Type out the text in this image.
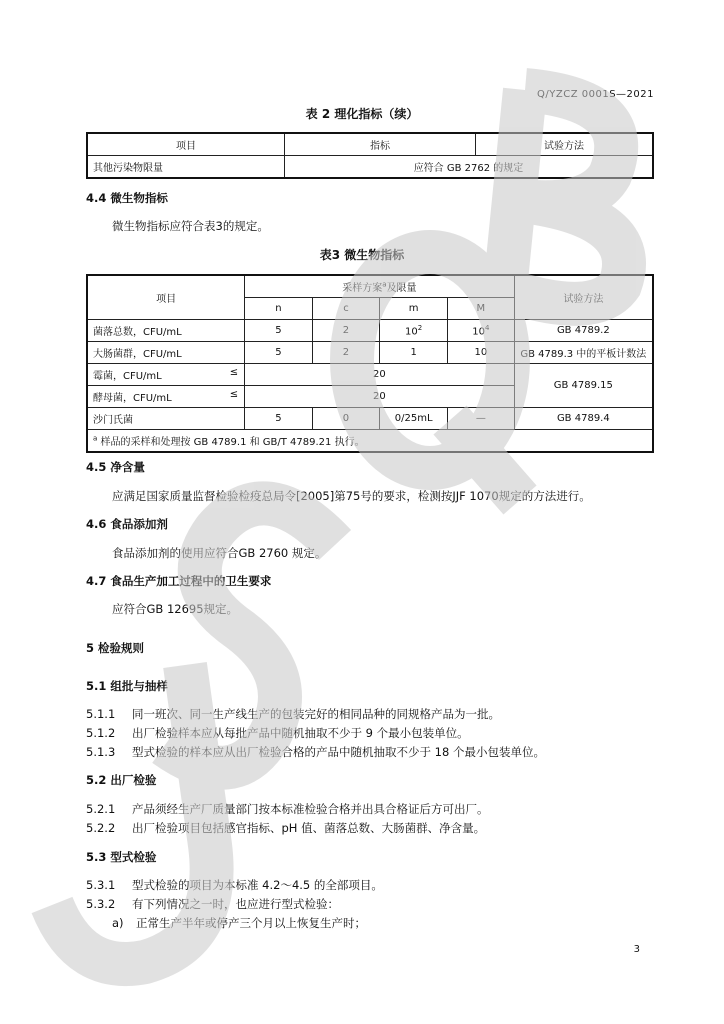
Q/YZCZ 0001S—2021
表 2 理化指标（续）
项目	指标	试验方法
其他污染物限量	应符合 GB 2762 的规定	
4.4 微生物指标
微生物指标应符合表3的规定。
表3 微生物指标
项目	采样方案$^a$及限量				试验方法
	n	c	m	M	
菌落总数，CFU/mL	5	2	$10^2$	$10^4$	GB 4789.2
大肠菌群，CFU/mL	5	2	1	10	GB 4789.3 中的平板计数法
霉菌，CFU/mL ≤	20				GB 4789.15
酵母菌，CFU/mL ≤	20				
沙门氏菌	5	0	0/25mL	—	GB 4789.4
$^a$ 样品的采样和处理按 GB 4789.1 和 GB/T 4789.21 执行。					
4.5 净含量
应满足国家质量监督检验检疫总局令[2005]第75号的要求，检测按JJF 1070规定的方法进行。
4.6 食品添加剂
食品添加剂的使用应符合GB 2760 规定。
4.7 食品生产加工过程中的卫生要求
应符合GB 12695规定。
5 检验规则
5.1 组批与抽样
5.1.1 同一班次、同一生产线生产的包装完好的相同品种的同规格产品为一批。
5.1.2 出厂检验样本应从每批产品中随机抽取不少于 9 个最小包装单位。
5.1.3 型式检验的样本应从出厂检验合格的产品中随机抽取不少于 18 个最小包装单位。
5.2 出厂检验
5.2.1 产品须经生产厂质量部门按本标准检验合格并出具合格证后方可出厂。
5.2.2 出厂检验项目包括感官指标、pH 值、菌落总数、大肠菌群、净含量。
5.3 型式检验
5.3.1 型式检验的项目为本标准 4.2～4.5 的全部项目。
5.3.2 有下列情况之一时，也应进行型式检验：
a) 正常生产半年或停产三个月以上恢复生产时；
3
